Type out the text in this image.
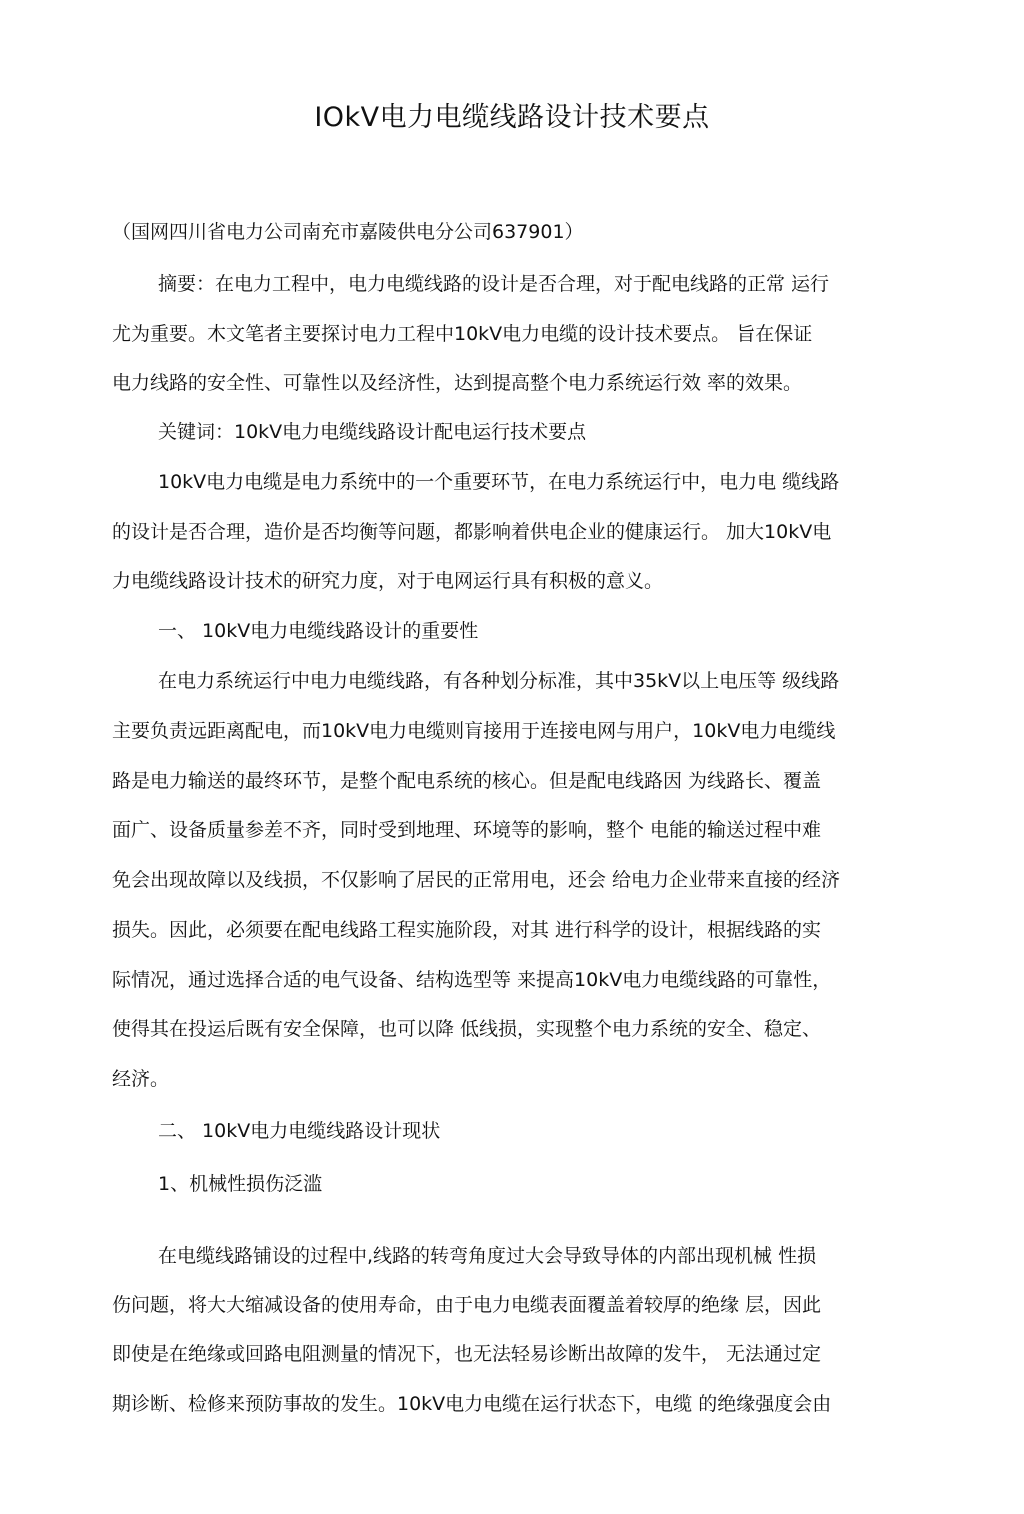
IOkV电力电缆线路设计技术要点
（国网四川省电力公司南充市嘉陵供电分公司637901）
摘要：在电力工程中，电力电缆线路的设计是否合理，对于配电线路的正常 运行
尤为重要。木文笔者主要探讨电力工程中10kV电力电缆的设计技术要点。 旨在保证
电力线路的安全性、可靠性以及经济性，达到提高整个电力系统运行效 率的效果。
关键词：10kV电力电缆线路设计配电运行技术要点
10kV电力电缆是电力系统中的一个重要环节，在电力系统运行中，电力电 缆线路
的设计是否合理，造价是否均衡等问题，都影响着供电企业的健康运行。 加大10kV电
力电缆线路设计技术的研究力度，对于电网运行具有积极的意义。
一、 10kV电力电缆线路设计的重要性
在电力系统运行中电力电缆线路，有各种划分标准，其中35kV以上电压等 级线路
主要负责远距离配电，而10kV电力电缆则肓接用于连接电网与用户，10kV电力电缆线
路是电力输送的最终环节，是整个配电系统的核心。但是配电线路因 为线路长、覆盖
面广、设备质量参差不齐，同时受到地理、环境等的影响，整个 电能的输送过程中难
免会出现故障以及线损，不仅影响了居民的正常用电，还会 给电力企业带来直接的经济
损失。因此，必须要在配电线路工程实施阶段，对其 进行科学的设计，根据线路的实
际情况，通过选择合适的电气设备、结构选型等 来提高10kV电力电缆线路的可靠性，
使得其在投运后既有安全保障，也可以降 低线损，实现整个电力系统的安全、稳定、
经济。
二、 10kV电力电缆线路设计现状
1、机械性损伤泛滥
在电缆线路铺设的过程中,线路的转弯角度过大会导致导体的内部出现机械 性损
伤问题，将大大缩减设备的使用寿命，由于电力电缆表面覆盖着较厚的绝缘 层，因此
即使是在绝缘或回路电阻测量的情况下，也无法轻易诊断出故障的发牛， 无法通过定
期诊断、检修来预防事故的发生。10kV电力电缆在运行状态下，电缆 的绝缘强度会由
